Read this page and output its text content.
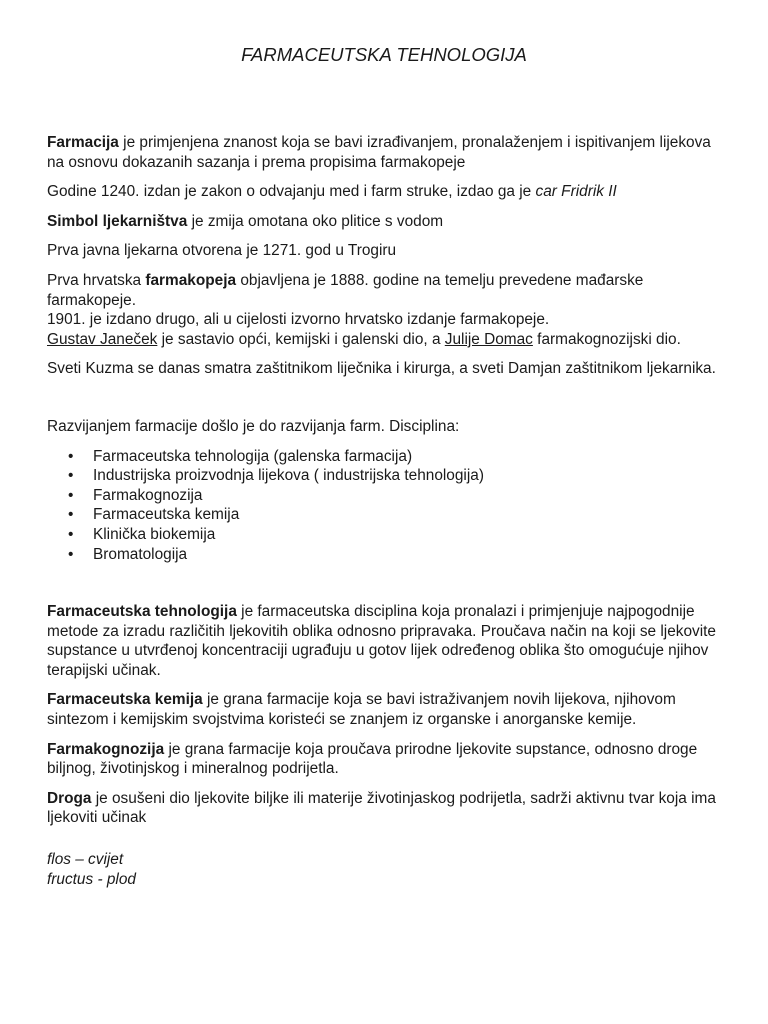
FARMACEUTSKA TEHNOLOGIJA

Farmacija je primjenjena znanost koja se bavi izrađivanjem, pronalaženjem i ispitivanjem lijekova na osnovu dokazanih sazanja i prema propisima farmakopeje

Godine 1240. izdan je zakon o odvajanju med i farm struke, izdao ga je car Fridrik II

Simbol ljekarništva je zmija omotana oko plitice s vodom

Prva javna ljekarna otvorena je 1271. god u Trogiru

Prva hrvatska farmakopeja objavljena je 1888. godine na temelju prevedene mađarske farmakopeje.
1901. je izdano drugo, ali u cijelosti izvorno hrvatsko izdanje farmakopeje.
Gustav Janeček je sastavio opći, kemijski i galenski dio, a Julije Domac farmakognozijski dio.

Sveti Kuzma se danas smatra zaštitnikom liječnika i kirurga, a sveti Damjan zaštitnikom ljekarnika.

Razvijanjem farmacije došlo je do razvijanja farm. Disciplina:

• Farmaceutska tehnologija (galenska farmacija)
• Industrijska proizvodnja lijekova ( industrijska tehnologija)
• Farmakognozija
• Farmaceutska kemija
• Klinička biokemija
• Bromatologija

Farmaceutska tehnologija je farmaceutska disciplina koja pronalazi i primjenjuje najpogodnije metode za izradu različitih ljekovitih oblika odnosno pripravaka. Proučava način na koji se ljekovite supstance u utvrđenoj koncentraciji ugrađuju u gotov lijek određenog oblika što omogućuje njihov terapijski učinak.

Farmaceutska kemija je grana farmacije koja se bavi istraživanjem novih lijekova, njihovom sintezom i kemijskim svojstvima koristeći se znanjem iz organske i anorganske kemije.

Farmakognozija je grana farmacije koja proučava prirodne ljekovite supstance, odnosno droge biljnog, životinjskog i mineralnog podrijetla.

Droga je osušeni dio ljekovite biljke ili materije životinjaskog podrijetla, sadrži aktivnu tvar koja ima ljekoviti učinak

flos – cvijet
fructus - plod
